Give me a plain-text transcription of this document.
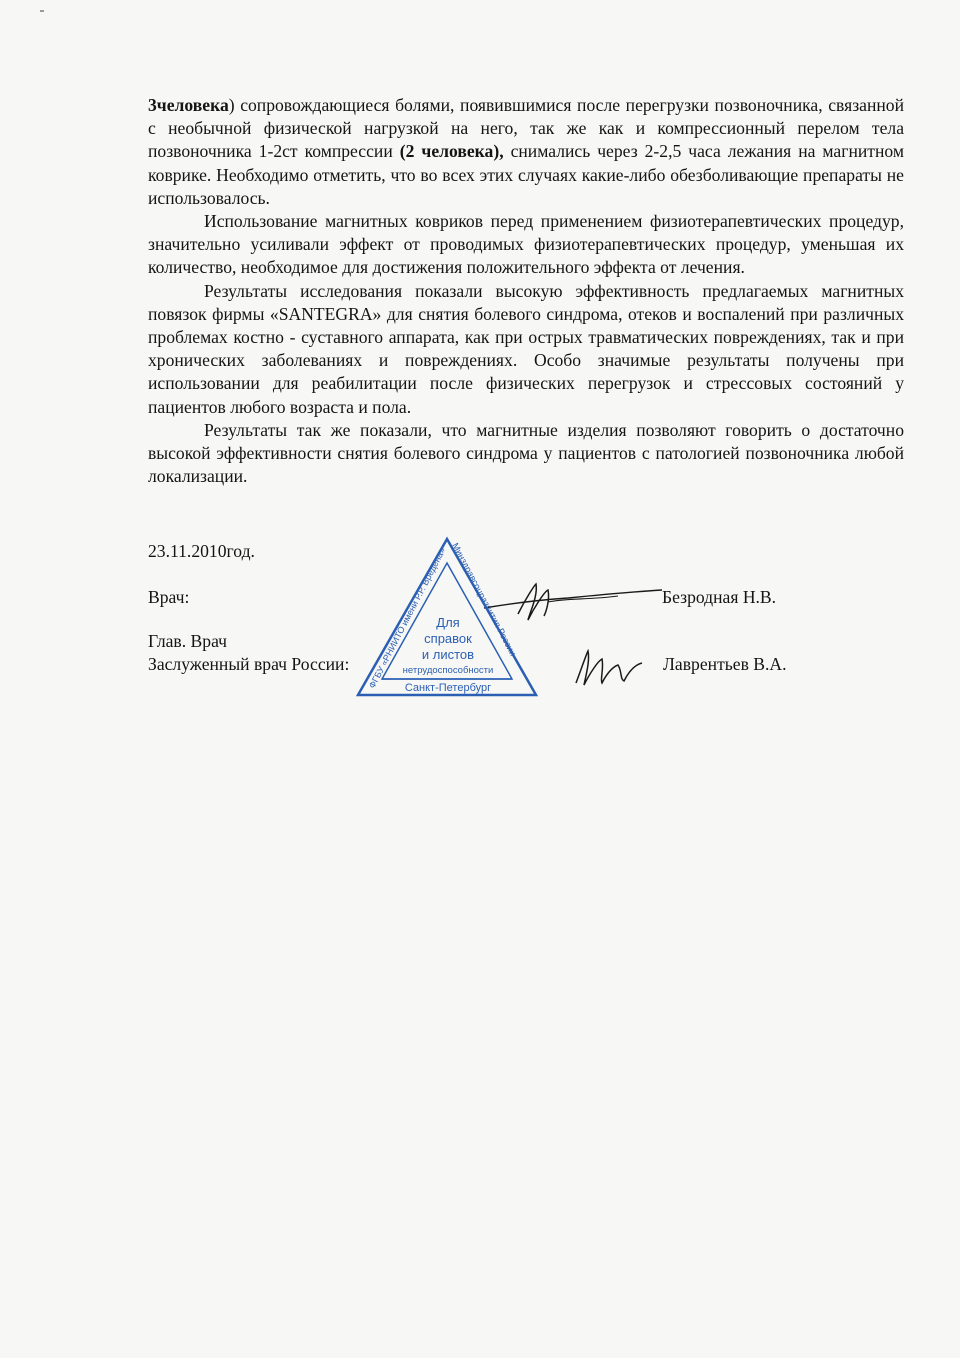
3человека) сопровождающиеся болями, появившимися после перегрузки позвоночника, связанной с необычной физической нагрузкой на него, так же как и компрессионный перелом тела позвоночника 1-2ст компрессии (2 человека), снимались через 2-2,5 часа лежания на магнитном коврике. Необходимо отметить, что во всех этих случаях какие-либо обезболивающие препараты не использовалось.

Использование магнитных ковриков перед применением физиотерапевтических процедур, значительно усиливали эффект от проводимых физиотерапевтических процедур, уменьшая их количество, необходимое для достижения положительного эффекта от лечения.

Результаты исследования показали высокую эффективность предлагаемых магнитных повязок фирмы «SANTEGRA» для снятия болевого синдрома, отеков и воспалений при различных проблемах костно - суставного аппарата, как при острых травматических повреждениях, так и при хронических заболеваниях и повреждениях. Особо значимые результаты получены при использовании для реабилитации после физических перегрузок и стрессовых состояний у пациентов любого возраста и пола.

Результаты так же показали, что магнитные изделия позволяют говорить о достаточно высокой эффективности снятия болевого синдрома у пациентов с патологией позвоночника любой локализации.

23.11.2010год.
Врач:	Безродная Н.В.
Глав. Врач
Заслуженный врач России:	Лаврентьев В.А.
ФГБУ «РНИИТО имени Р.Р. Вредена» Минздравсоцразвития России
Для
справок
и листов
нетрудоспособности
Санкт-Петербург
